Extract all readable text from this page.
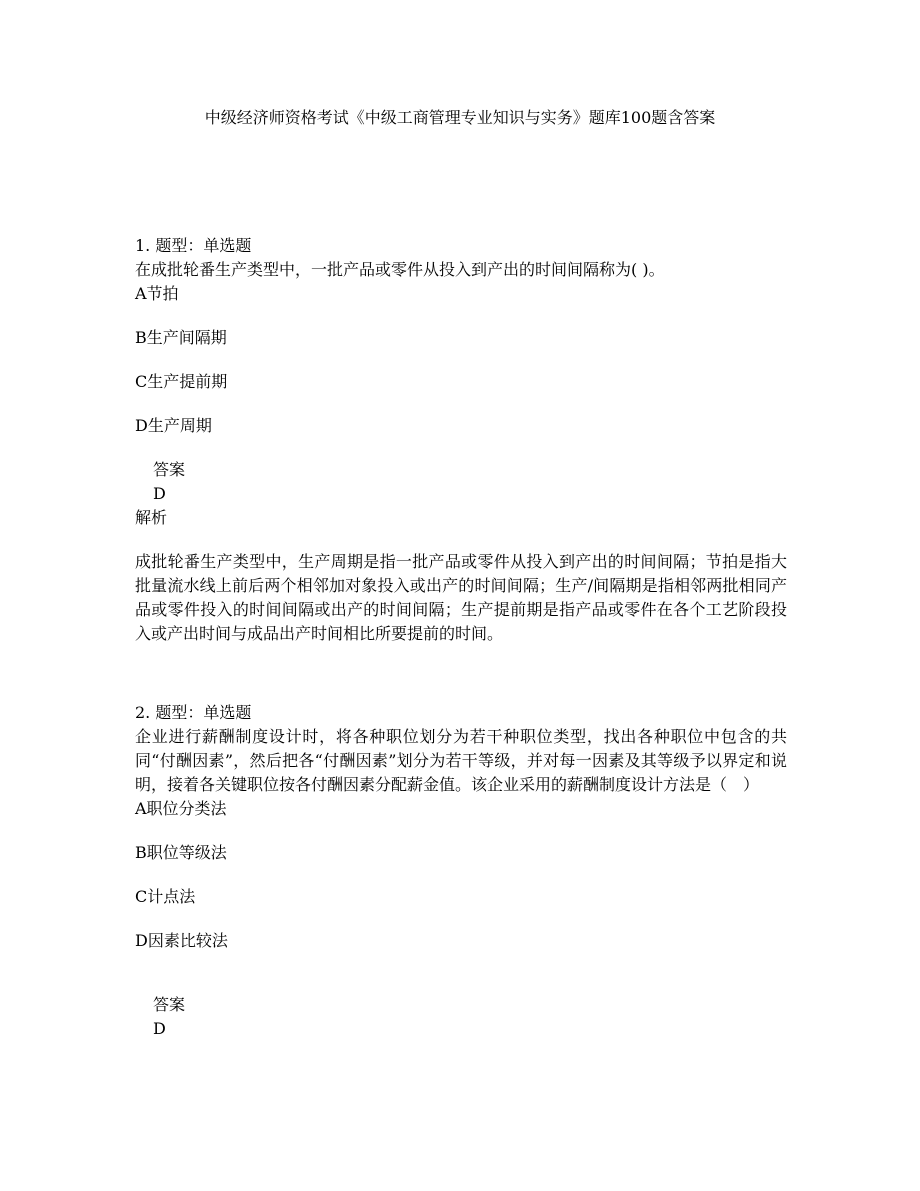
中级经济师资格考试《中级工商管理专业知识与实务》题库100题含答案
1. 题型：单选题
在成批轮番生产类型中，一批产品或零件从投入到产出的时间间隔称为( )。
A节拍
B生产间隔期
C生产提前期
D生产周期
答案
D
解析
成批轮番生产类型中，生产周期是指一批产品或零件从投入到产出的时间间隔；节拍是指大批量流水线上前后两个相邻加对象投入或出产的时间间隔；生产/间隔期是指相邻两批相同产品或零件投入的时间间隔或出产的时间间隔；生产提前期是指产品或零件在各个工艺阶段投入或产出时间与成品出产时间相比所要提前的时间。
2. 题型：单选题
企业进行薪酬制度设计时，将各种职位划分为若干种职位类型，找出各种职位中包含的共同“付酬因素”，然后把各“付酬因素”划分为若干等级，并对每一因素及其等级予以界定和说明，接着各关键职位按各付酬因素分配薪金值。该企业采用的薪酬制度设计方法是（　）
A职位分类法
B职位等级法
C计点法
D因素比较法
答案
D
